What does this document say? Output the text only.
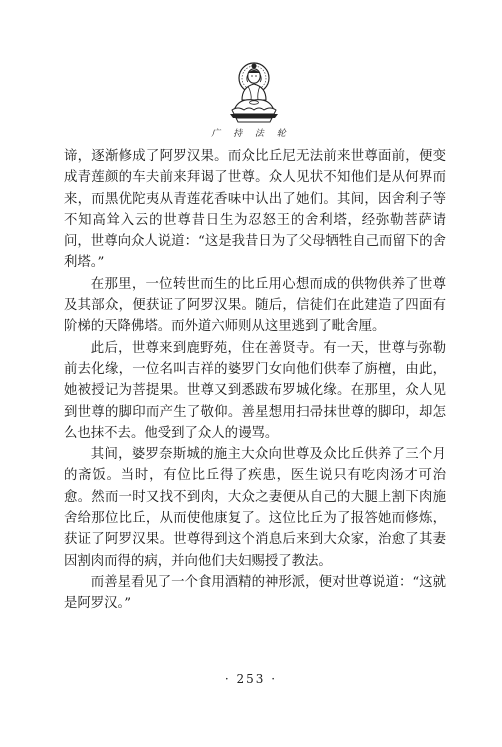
广 持 法 轮

谛，逐渐修成了阿罗汉果。而众比丘尼无法前来世尊面前，便变成青莲颜的车夫前来拜谒了世尊。众人见状不知他们是从何界而来，而黑优陀夷从青莲花香味中认出了她们。其间，因舍利子等不知高耸入云的世尊昔日生为忍怒王的舍利塔，经弥勒菩萨请问，世尊向众人说道：“这是我昔日为了父母牺牲自己而留下的舍利塔。”

在那里，一位转世而生的比丘用心想而成的供物供养了世尊及其部众，便获证了阿罗汉果。随后，信徒们在此建造了四面有阶梯的天降佛塔。而外道六师则从这里逃到了毗舍厘。

此后，世尊来到鹿野苑，住在善贤寺。有一天，世尊与弥勒前去化缘，一位名叫吉祥的婆罗门女向他们供奉了旃檀，由此，她被授记为菩提果。世尊又到悉跋布罗城化缘。在那里，众人见到世尊的脚印而产生了敬仰。善星想用扫帚抹世尊的脚印，却怎么也抹不去。他受到了众人的谩骂。

其间，婆罗奈斯城的施主大众向世尊及众比丘供养了三个月的斋饭。当时，有位比丘得了疾患，医生说只有吃肉汤才可治愈。然而一时又找不到肉，大众之妻便从自己的大腿上割下肉施舍给那位比丘，从而使他康复了。这位比丘为了报答她而修炼，获证了阿罗汉果。世尊得到这个消息后来到大众家，治愈了其妻因割肉而得的病，并向他们夫妇赐授了教法。

而善星看见了一个食用酒精的神形派，便对世尊说道：“这就是阿罗汉。”

· 253 ·
